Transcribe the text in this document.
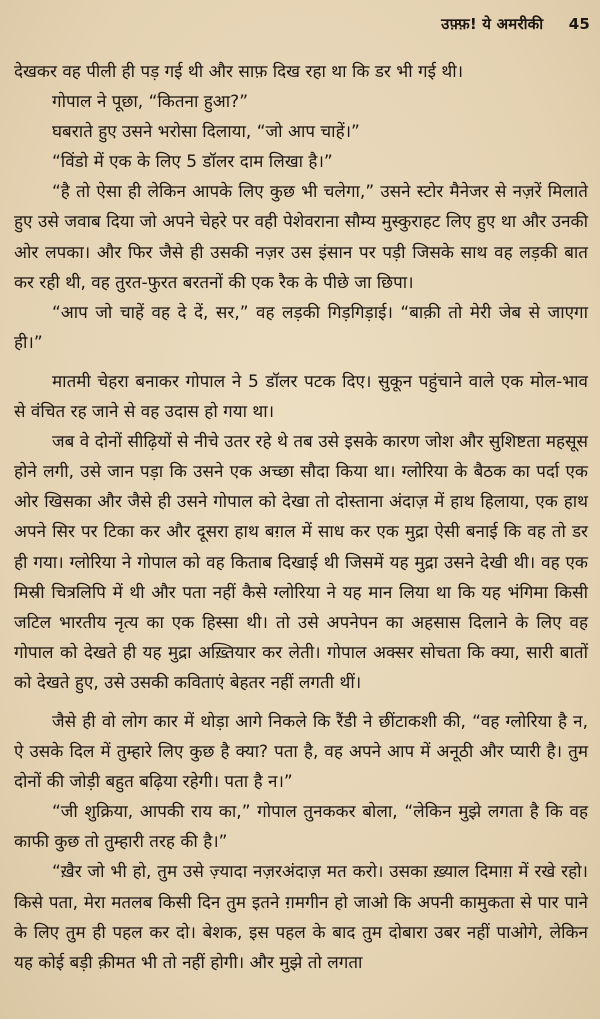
उफ़्फ़! ये अमरीकी 45

देखकर वह पीली ही पड़ गई थी और साफ़ दिख रहा था कि डर भी गई थी।

गोपाल ने पूछा, “कितना हुआ?”

घबराते हुए उसने भरोसा दिलाया, “जो आप चाहें।”

“विंडो में एक के लिए 5 डॉलर दाम लिखा है।”

“है तो ऐसा ही लेकिन आपके लिए कुछ भी चलेगा,” उसने स्टोर मैनेजर से नज़रें मिलाते हुए उसे जवाब दिया जो अपने चेहरे पर वही पेशेवराना सौम्य मुस्कुराहट लिए हुए था और उनकी ओर लपका। और फिर जैसे ही उसकी नज़र उस इंसान पर पड़ी जिसके साथ वह लड़की बात कर रही थी, वह तुरत-फुरत बरतनों की एक रैक के पीछे जा छिपा।

“आप जो चाहें वह दे दें, सर,” वह लड़की गिड़गिड़ाई। “बाक़ी तो मेरी जेब से जाएगा ही।”

मातमी चेहरा बनाकर गोपाल ने 5 डॉलर पटक दिए। सुकून पहुंचाने वाले एक मोल-भाव से वंचित रह जाने से वह उदास हो गया था।

जब वे दोनों सीढ़ियों से नीचे उतर रहे थे तब उसे इसके कारण जोश और सुशिष्टता महसूस होने लगी, उसे जान पड़ा कि उसने एक अच्छा सौदा किया था। ग्लोरिया के बैठक का पर्दा एक ओर खिसका और जैसे ही उसने गोपाल को देखा तो दोस्ताना अंदाज़ में हाथ हिलाया, एक हाथ अपने सिर पर टिका कर और दूसरा हाथ बग़ल में साध कर एक मुद्रा ऐसी बनाई कि वह तो डर ही गया। ग्लोरिया ने गोपाल को वह किताब दिखाई थी जिसमें यह मुद्रा उसने देखी थी। वह एक मिस्री चित्रलिपि में थी और पता नहीं कैसे ग्लोरिया ने यह मान लिया था कि यह भंगिमा किसी जटिल भारतीय नृत्य का एक हिस्सा थी। तो उसे अपनेपन का अहसास दिलाने के लिए वह गोपाल को देखते ही यह मुद्रा अख़्तियार कर लेती। गोपाल अक्सर सोचता कि क्या, सारी बातों को देखते हुए, उसे उसकी कविताएं बेहतर नहीं लगती थीं।

जैसे ही वो लोग कार में थोड़ा आगे निकले कि रैंडी ने छींटाकशी की, “वह ग्लोरिया है न, ऐ उसके दिल में तुम्हारे लिए कुछ है क्या? पता है, वह अपने आप में अनूठी और प्यारी है। तुम दोनों की जोड़ी बहुत बढ़िया रहेगी। पता है न।”

“जी शुक्रिया, आपकी राय का,” गोपाल तुनककर बोला, “लेकिन मुझे लगता है कि वह काफी कुछ तो तुम्हारी तरह की है।”

“ख़ैर जो भी हो, तुम उसे ज़्यादा नज़रअंदाज़ मत करो। उसका ख़्याल दिमाग़ में रखे रहो। किसे पता, मेरा मतलब किसी दिन तुम इतने ग़मगीन हो जाओ कि अपनी कामुकता से पार पाने के लिए तुम ही पहल कर दो। बेशक, इस पहल के बाद तुम दोबारा उबर नहीं पाओगे, लेकिन यह कोई बड़ी क़ीमत भी तो नहीं होगी। और मुझे तो लगता
